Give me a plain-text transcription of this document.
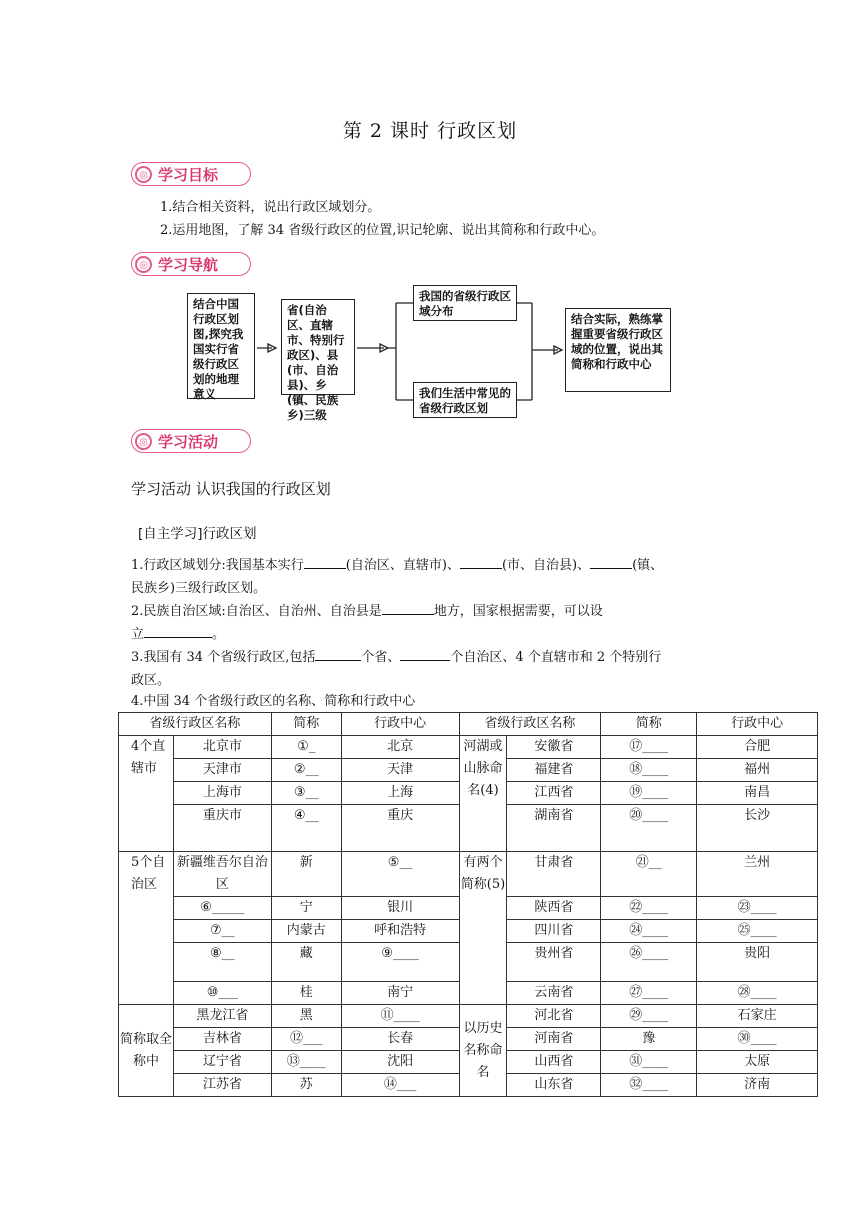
第 2 课时 行政区划
◎ 学习目标
1.结合相关资料，说出行政区域划分。
2.运用地图，了解 34 省级行政区的位置,识记轮廓、说出其简称和行政中心。
◎ 学习导航
结合中国行政区划图,探究我国实行省级行政区划的地理意义
省(自治区、直辖市、特别行政区)、县(市、自治县)、乡(镇、民族乡)三级
我国的省级行政区域分布
我们生活中常见的省级行政区划
结合实际，熟练掌握重要省级行政区域的位置，说出其简称和行政中心
◎ 学习活动
学习活动 认识我国的行政区划
[自主学习]行政区划
1.行政区域划分:我国基本实行	(自治区、直辖市)、	(市、自治县)、	(镇、
民族乡)三级行政区划。
2.民族自治区域:自治区、自治州、自治县是	地方，国家根据需要，可以设
立	。
3.我国有 34 个省级行政区,包括	个省、	个自治区、4 个直辖市和 2 个特别行
政区。
4.中国 34 个省级行政区的名称、简称和行政中心
省级行政区名称		简称	行政中心	省级行政区名称		简称	行政中心
4个直辖市	北京市	①_	北京	河湖或山脉命名(4)	安徽省	⑰____	合肥
	天津市	②__	天津		福建省	⑱____	福州
	上海市	③__	上海		江西省	⑲____	南昌
	重庆市	④__	重庆		湖南省	⑳____	长沙
5个自治区	新疆维吾尔自治区	新	⑤__	有两个简称(5)	甘肃省	㉑__	兰州
	⑥_____	宁	银川		陕西省	㉒____	㉓____
	⑦__	内蒙古	呼和浩特		四川省	㉔____	㉕____
	⑧__	藏	⑨____		贵州省	㉖____	贵阳
	⑩___	桂	南宁		云南省	㉗____	㉘____
简称取全称中	黑龙江省	黑	⑪____	以历史名称命名	河北省	㉙____	石家庄
	吉林省	⑫___	长春		河南省	豫	㉚____
	辽宁省	⑬____	沈阳		山西省	㉛____	太原
	江苏省	苏	⑭___		山东省	㉜____	济南
